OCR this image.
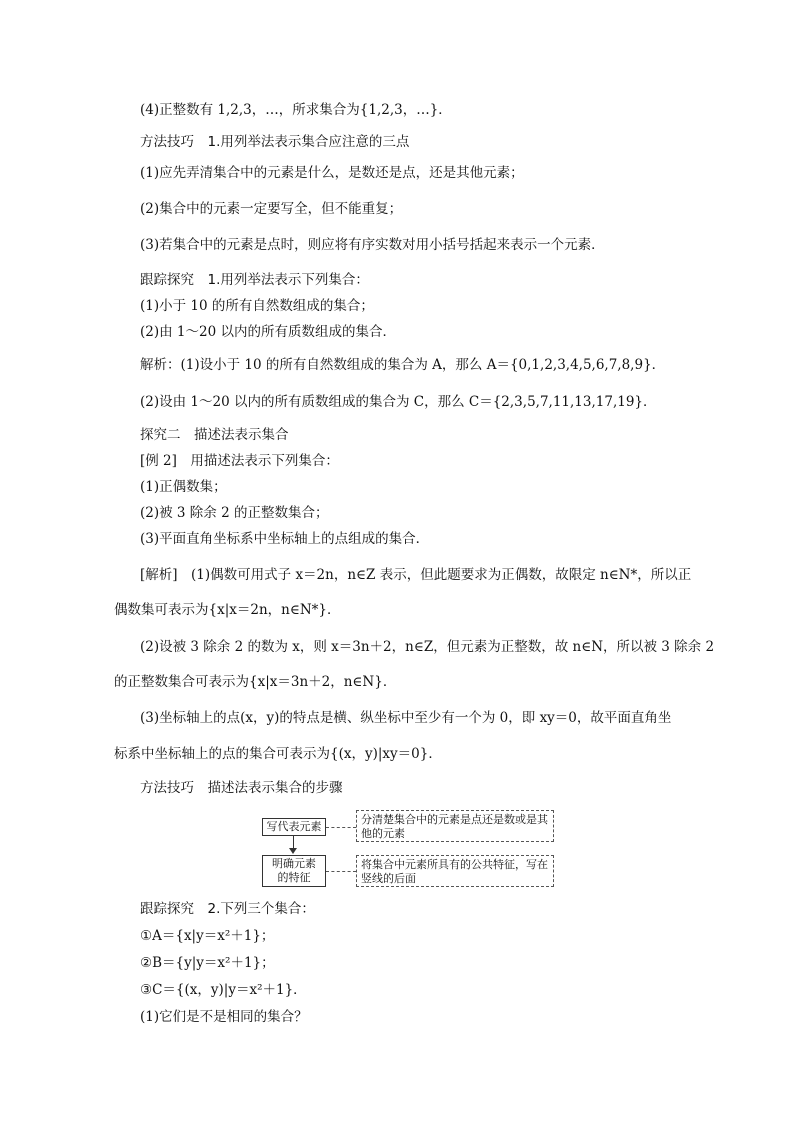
(4)正整数有 1,2,3，…，所求集合为{1,2,3，…}．
方法技巧　1.用列举法表示集合应注意的三点
(1)应先弄清集合中的元素是什么，是数还是点，还是其他元素；
(2)集合中的元素一定要写全，但不能重复；
(3)若集合中的元素是点时，则应将有序实数对用小括号括起来表示一个元素．
跟踪探究　1.用列举法表示下列集合：
(1)小于 10 的所有自然数组成的集合；
(2)由 1～20 以内的所有质数组成的集合．
解析：(1)设小于 10 的所有自然数组成的集合为 A，那么 A＝{0,1,2,3,4,5,6,7,8,9}．
(2)设由 1～20 以内的所有质数组成的集合为 C，那么 C＝{2,3,5,7,11,13,17,19}．
探究二　描述法表示集合
[例 2]　用描述法表示下列集合：
(1)正偶数集；
(2)被 3 除余 2 的正整数集合；
(3)平面直角坐标系中坐标轴上的点组成的集合．
[解析]　(1)偶数可用式子 x＝2n，n∈Z 表示，但此题要求为正偶数，故限定 n∈N*，所以正
偶数集可表示为{x|x＝2n，n∈N*}．
(2)设被 3 除余 2 的数为 x，则 x＝3n＋2，n∈Z，但元素为正整数，故 n∈N，所以被 3 除余 2
的正整数集合可表示为{x|x＝3n＋2，n∈N}．
(3)坐标轴上的点(x，y)的特点是横、纵坐标中至少有一个为 0，即 xy＝0，故平面直角坐
标系中坐标轴上的点的集合可表示为{(x，y)|xy＝0}．
方法技巧　描述法表示集合的步骤
写代表元素
分清楚集合中的元素是点还是数或是其他的元素
明确元素的特征
将集合中元素所具有的公共特征，写在竖线的后面
跟踪探究　2.下列三个集合：
①A＝{x|y＝x²＋1}；
②B＝{y|y＝x²＋1}；
③C＝{(x，y)|y＝x²＋1}．
(1)它们是不是相同的集合？
